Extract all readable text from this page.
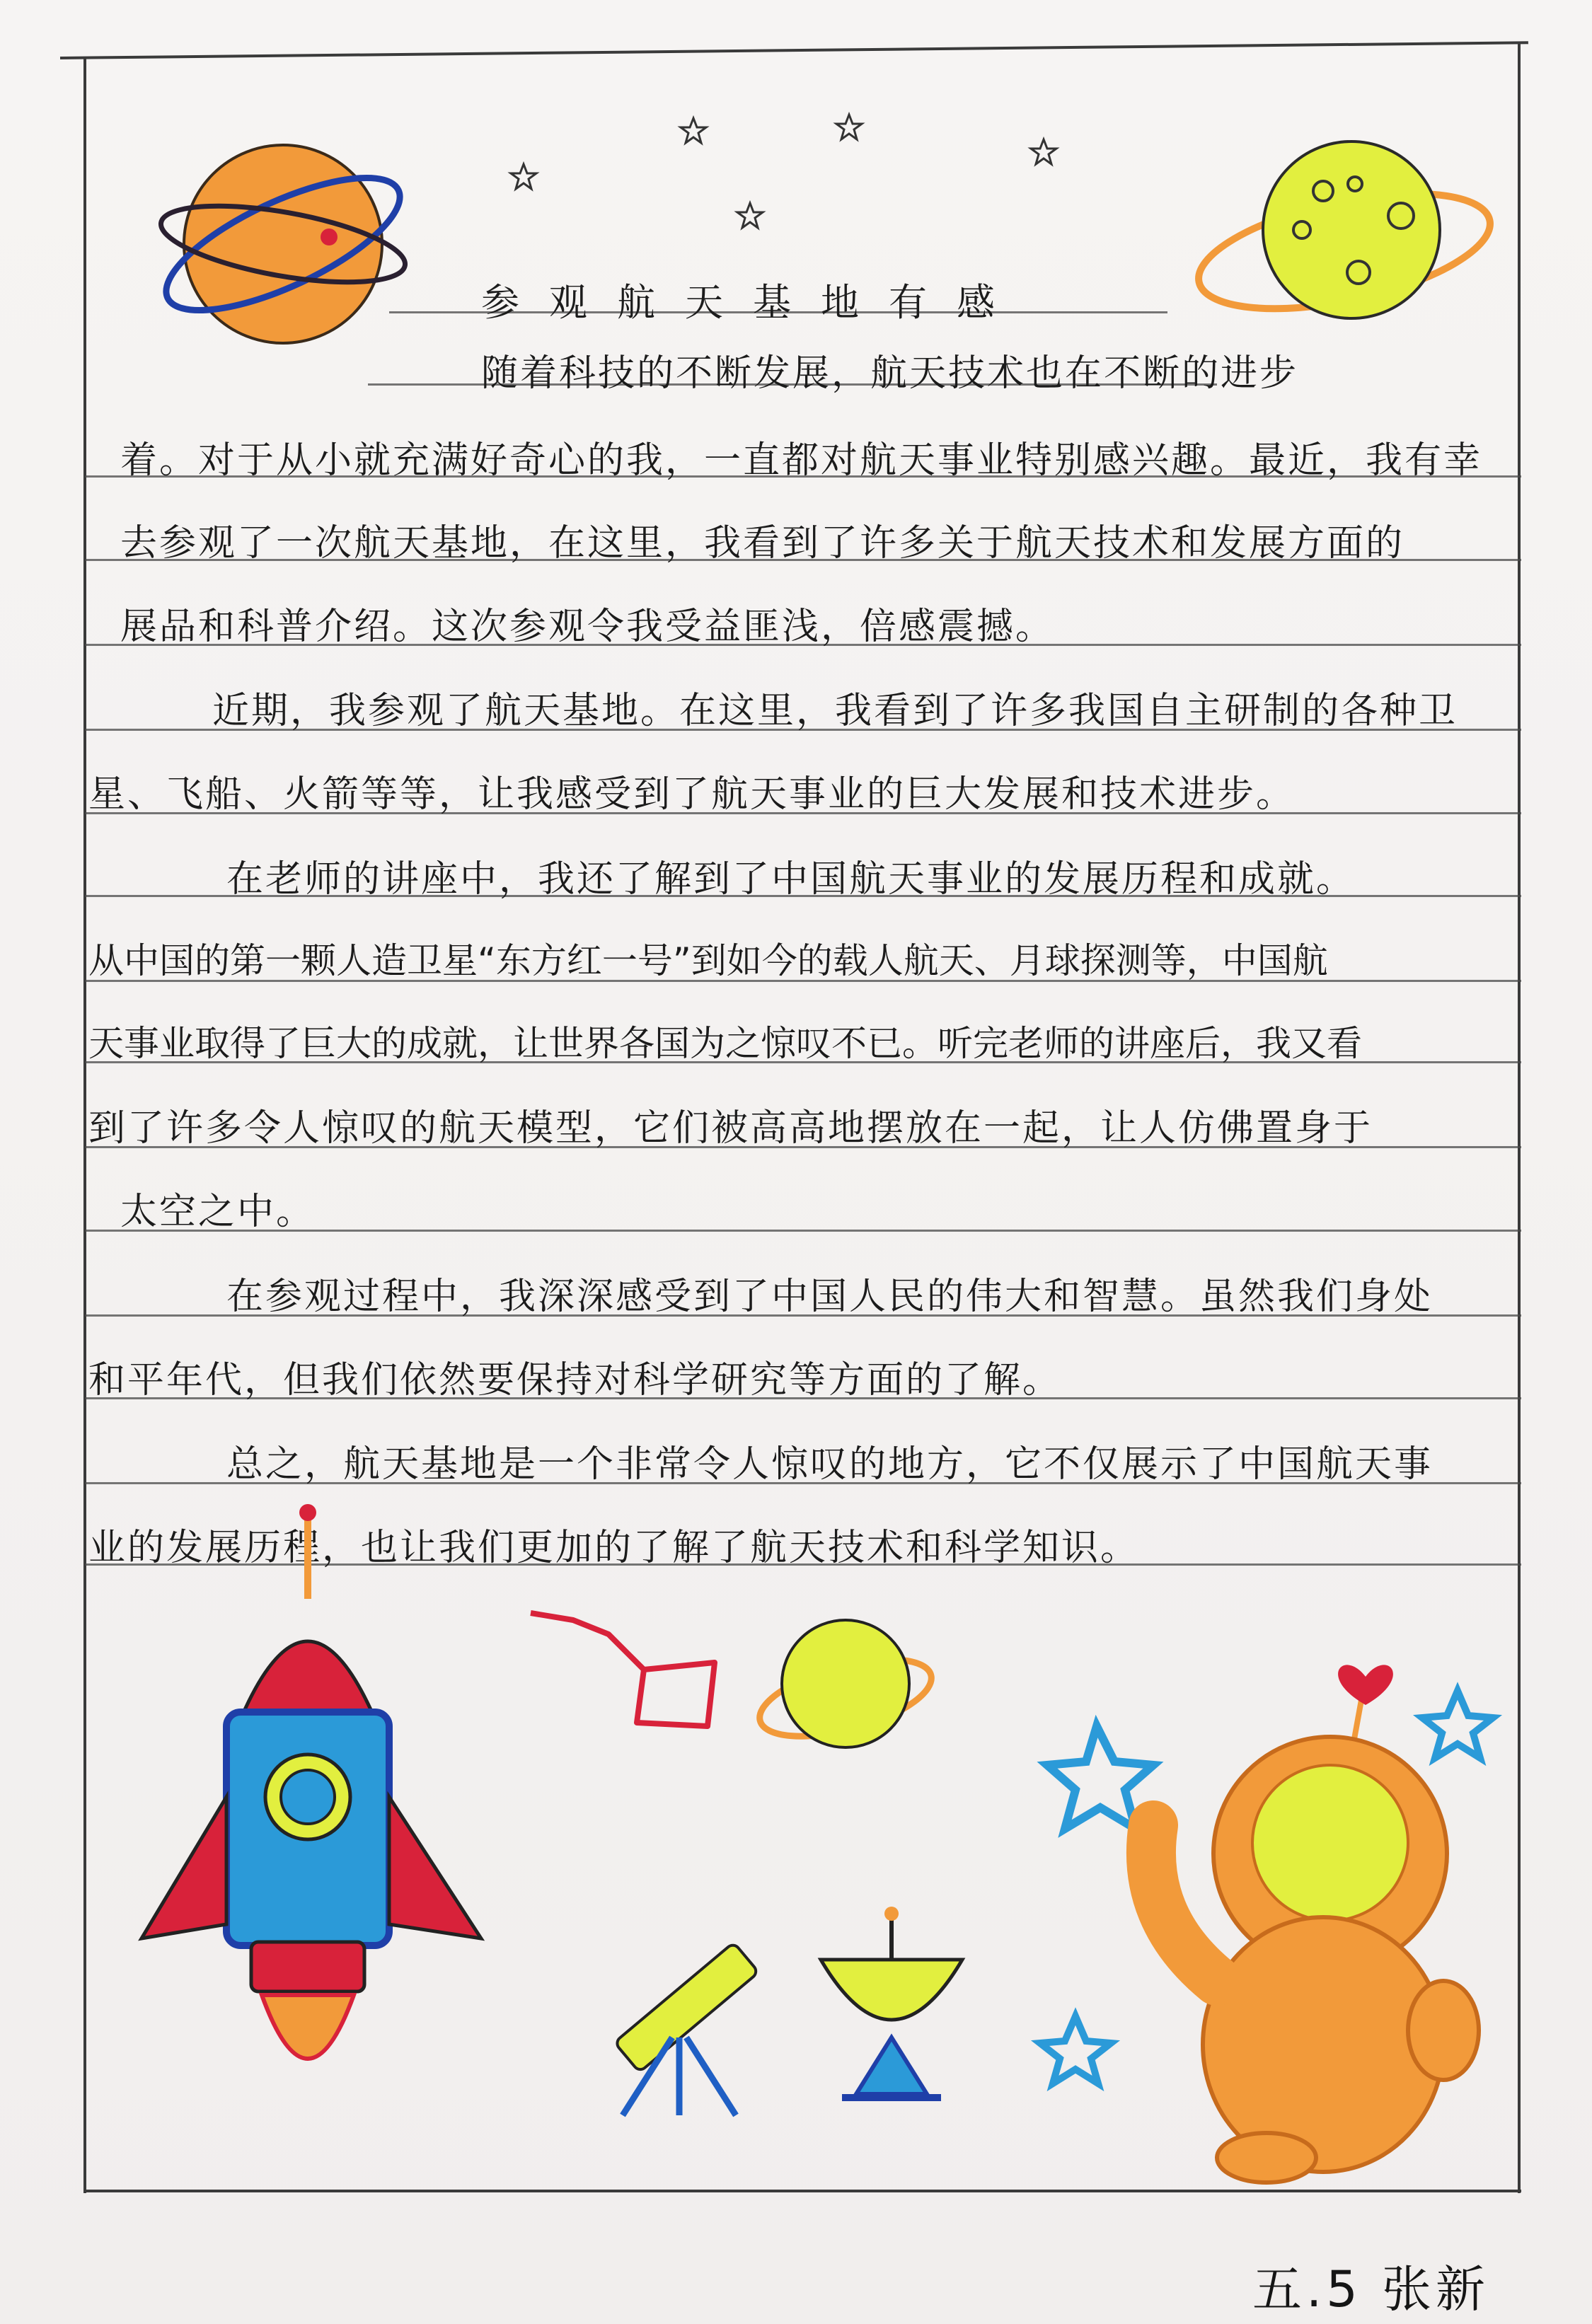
参观航天基地有感
随着科技的不断发展，航天技术也在不断的进步
着。对于从小就充满好奇心的我，一直都对航天事业特别感兴趣。最近，我有幸
去参观了一次航天基地，在这里，我看到了许多关于航天技术和发展方面的
展品和科普介绍。这次参观令我受益匪浅，倍感震撼。
近期，我参观了航天基地。在这里，我看到了许多我国自主研制的各种卫
星、飞船、火箭等等，让我感受到了航天事业的巨大发展和技术进步。
在老师的讲座中，我还了解到了中国航天事业的发展历程和成就。
从中国的第一颗人造卫星“东方红一号”到如今的载人航天、月球探测等，中国航
天事业取得了巨大的成就，让世界各国为之惊叹不已。听完老师的讲座后，我又看
到了许多令人惊叹的航天模型，它们被高高地摆放在一起，让人仿佛置身于
太空之中。
在参观过程中，我深深感受到了中国人民的伟大和智慧。虽然我们身处
和平年代，但我们依然要保持对科学研究等方面的了解。
总之，航天基地是一个非常令人惊叹的地方，它不仅展示了中国航天事
业的发展历程，也让我们更加的了解了航天技术和科学知识。
五.5 张新
